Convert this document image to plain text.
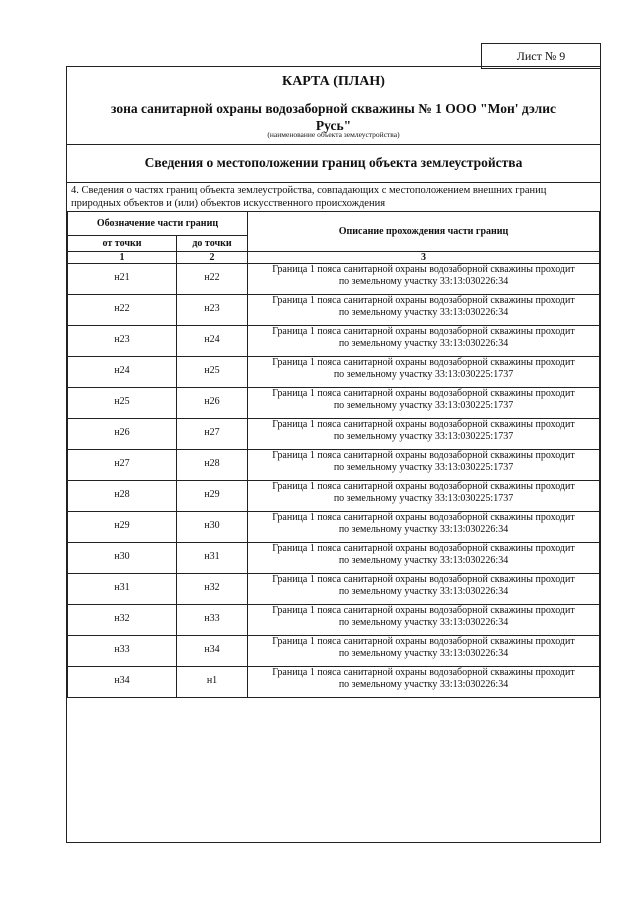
Лист № 9
КАРТА (ПЛАН)
зона санитарной охраны водозаборной скважины № 1 ООО "Мон' дэлис Русь"
(наименование объекта землеустройства)
Сведения о местоположении границ объекта землеустройства
4. Сведения о частях границ объекта землеустройства, совпадающих с местоположением внешних границ природных объектов и (или) объектов искусственного происхождения
Обозначение части границ		Описание прохождения части границ
от точки	до точки	
1	2	3
н21	н22	Граница 1 пояса санитарной охраны водозаборной скважины проходит
по земельному участку 33:13:030226:34

н22	н23	Граница 1 пояса санитарной охраны водозаборной скважины проходит
по земельному участку 33:13:030226:34

н23	н24	Граница 1 пояса санитарной охраны водозаборной скважины проходит
по земельному участку 33:13:030226:34

н24	н25	Граница 1 пояса санитарной охраны водозаборной скважины проходит
по земельному участку 33:13:030225:1737

н25	н26	Граница 1 пояса санитарной охраны водозаборной скважины проходит
по земельному участку 33:13:030225:1737

н26	н27	Граница 1 пояса санитарной охраны водозаборной скважины проходит
по земельному участку 33:13:030225:1737

н27	н28	Граница 1 пояса санитарной охраны водозаборной скважины проходит
по земельному участку 33:13:030225:1737

н28	н29	Граница 1 пояса санитарной охраны водозаборной скважины проходит
по земельному участку 33:13:030225:1737

н29	н30	Граница 1 пояса санитарной охраны водозаборной скважины проходит
по земельному участку 33:13:030226:34

н30	н31	Граница 1 пояса санитарной охраны водозаборной скважины проходит
по земельному участку 33:13:030226:34

н31	н32	Граница 1 пояса санитарной охраны водозаборной скважины проходит
по земельному участку 33:13:030226:34

н32	н33	Граница 1 пояса санитарной охраны водозаборной скважины проходит
по земельному участку 33:13:030226:34

н33	н34	Граница 1 пояса санитарной охраны водозаборной скважины проходит
по земельному участку 33:13:030226:34

н34	н1	Граница 1 пояса санитарной охраны водозаборной скважины проходит
по земельному участку 33:13:030226:34
